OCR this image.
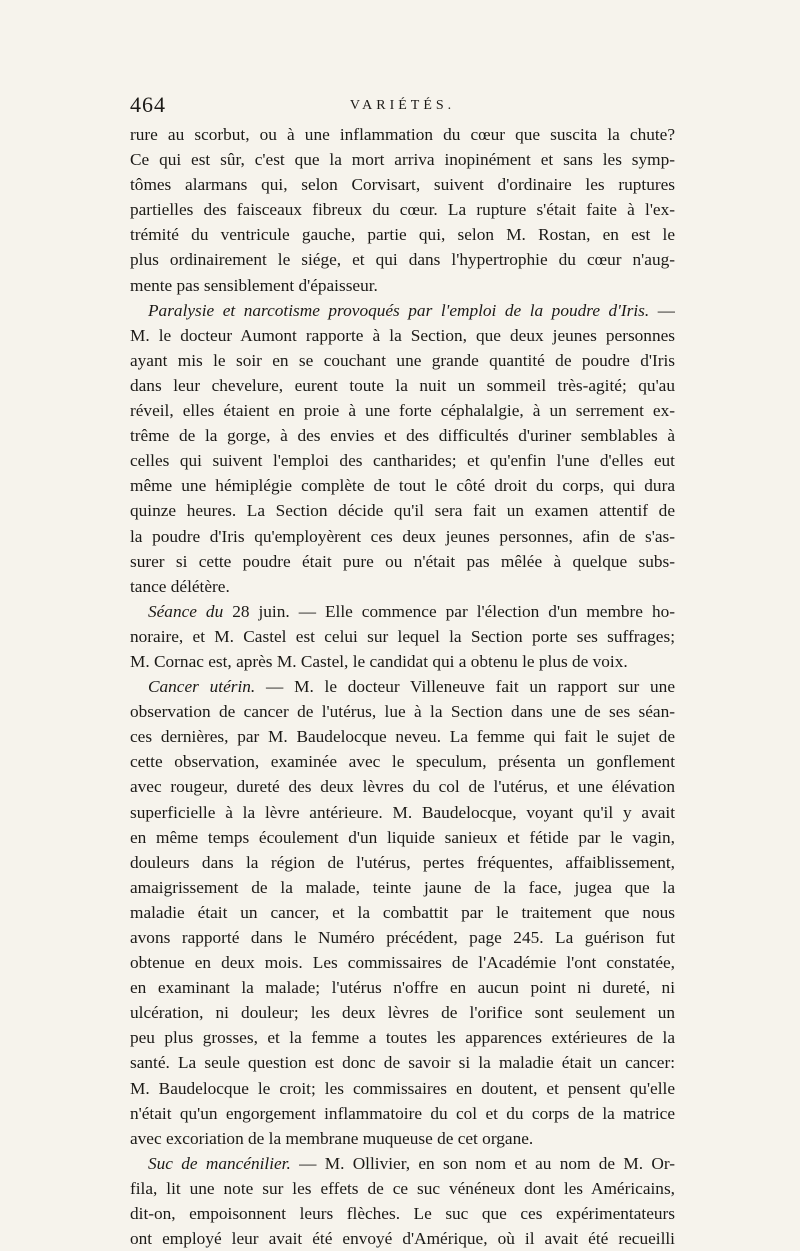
464	VARIÉTÉS.
rure au scorbut, ou à une inflammation du cœur que suscita la chute?
Ce qui est sûr, c'est que la mort arriva inopinément et sans les symp-
tômes alarmans qui, selon Corvisart, suivent d'ordinaire les ruptures
partielles des faisceaux fibreux du cœur. La rupture s'était faite à l'ex-
trémité du ventricule gauche, partie qui, selon M. Rostan, en est le
plus ordinairement le siége, et qui dans l'hypertrophie du cœur n'aug-
mente pas sensiblement d'épaisseur.
Paralysie et narcotisme provoqués par l'emploi de la poudre d'Iris. —
M. le docteur Aumont rapporte à la Section, que deux jeunes personnes
ayant mis le soir en se couchant une grande quantité de poudre d'Iris
dans leur chevelure, eurent toute la nuit un sommeil très-agité; qu'au
réveil, elles étaient en proie à une forte céphalalgie, à un serrement ex-
trême de la gorge, à des envies et des difficultés d'uriner semblables à
celles qui suivent l'emploi des cantharides; et qu'enfin l'une d'elles eut
même une hémiplégie complète de tout le côté droit du corps, qui dura
quinze heures. La Section décide qu'il sera fait un examen attentif de
la poudre d'Iris qu'employèrent ces deux jeunes personnes, afin de s'as-
surer si cette poudre était pure ou n'était pas mêlée à quelque subs-
tance délétère.
Séance du 28 juin. — Elle commence par l'élection d'un membre ho-
noraire, et M. Castel est celui sur lequel la Section porte ses suffrages;
M. Cornac est, après M. Castel, le candidat qui a obtenu le plus de voix.
Cancer utérin. — M. le docteur Villeneuve fait un rapport sur une
observation de cancer de l'utérus, lue à la Section dans une de ses séan-
ces dernières, par M. Baudelocque neveu. La femme qui fait le sujet de
cette observation, examinée avec le speculum, présenta un gonflement
avec rougeur, dureté des deux lèvres du col de l'utérus, et une élévation
superficielle à la lèvre antérieure. M. Baudelocque, voyant qu'il y avait
en même temps écoulement d'un liquide sanieux et fétide par le vagin,
douleurs dans la région de l'utérus, pertes fréquentes, affaiblissement,
amaigrissement de la malade, teinte jaune de la face, jugea que la
maladie était un cancer, et la combattit par le traitement que nous
avons rapporté dans le Numéro précédent, page 245. La guérison fut
obtenue en deux mois. Les commissaires de l'Académie l'ont constatée,
en examinant la malade; l'utérus n'offre en aucun point ni dureté, ni
ulcération, ni douleur; les deux lèvres de l'orifice sont seulement un
peu plus grosses, et la femme a toutes les apparences extérieures de la
santé. La seule question est donc de savoir si la maladie était un cancer:
M. Baudelocque le croit; les commissaires en doutent, et pensent qu'elle
n'était qu'un engorgement inflammatoire du col et du corps de la matrice
avec excoriation de la membrane muqueuse de cet organe.
Suc de mancénilier. — M. Ollivier, en son nom et au nom de M. Or-
fila, lit une note sur les effets de ce suc vénéneux dont les Américains,
dit-on, empoisonnent leurs flèches. Le suc que ces expérimentateurs
ont employé leur avait été envoyé d'Amérique, où il avait été recueilli
